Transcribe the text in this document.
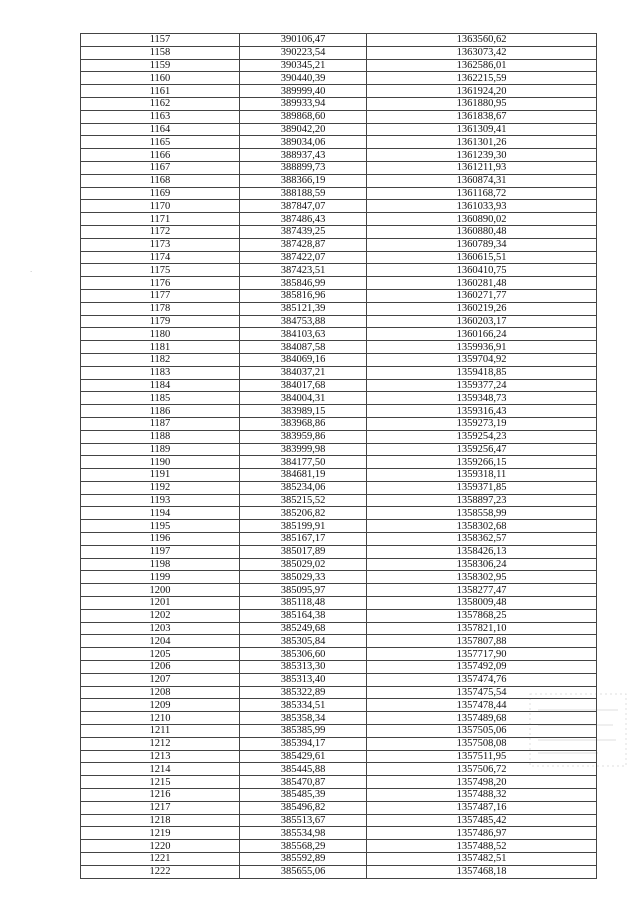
1157	390106,47	1363560,62
1158	390223,54	1363073,42
1159	390345,21	1362586,01
1160	390440,39	1362215,59
1161	389999,40	1361924,20
1162	389933,94	1361880,95
1163	389868,60	1361838,67
1164	389042,20	1361309,41
1165	389034,06	1361301,26
1166	388937,43	1361239,30
1167	388899,73	1361211,93
1168	388366,19	1360874,31
1169	388188,59	1361168,72
1170	387847,07	1361033,93
1171	387486,43	1360890,02
1172	387439,25	1360880,48
1173	387428,87	1360789,34
1174	387422,07	1360615,51
1175	387423,51	1360410,75
1176	385846,99	1360281,48
1177	385816,96	1360271,77
1178	385121,39	1360219,26
1179	384753,88	1360203,17
1180	384103,63	1360166,24
1181	384087,58	1359936,91
1182	384069,16	1359704,92
1183	384037,21	1359418,85
1184	384017,68	1359377,24
1185	384004,31	1359348,73
1186	383989,15	1359316,43
1187	383968,86	1359273,19
1188	383959,86	1359254,23
1189	383999,98	1359256,47
1190	384177,50	1359266,15
1191	384681,19	1359318,11
1192	385234,06	1359371,85
1193	385215,52	1358897,23
1194	385206,82	1358558,99
1195	385199,91	1358302,68
1196	385167,17	1358362,57
1197	385017,89	1358426,13
1198	385029,02	1358306,24
1199	385029,33	1358302,95
1200	385095,97	1358277,47
1201	385118,48	1358009,48
1202	385164,38	1357868,25
1203	385249,68	1357821,10
1204	385305,84	1357807,88
1205	385306,60	1357717,90
1206	385313,30	1357492,09
1207	385313,40	1357474,76
1208	385322,89	1357475,54
1209	385334,51	1357478,44
1210	385358,34	1357489,68
1211	385385,99	1357505,06
1212	385394,17	1357508,08
1213	385429,61	1357511,95
1214	385445,88	1357506,72
1215	385470,87	1357498,20
1216	385485,39	1357488,32
1217	385496,82	1357487,16
1218	385513,67	1357485,42
1219	385534,98	1357486,97
1220	385568,29	1357488,52
1221	385592,89	1357482,51
1222	385655,06	1357468,18
·
